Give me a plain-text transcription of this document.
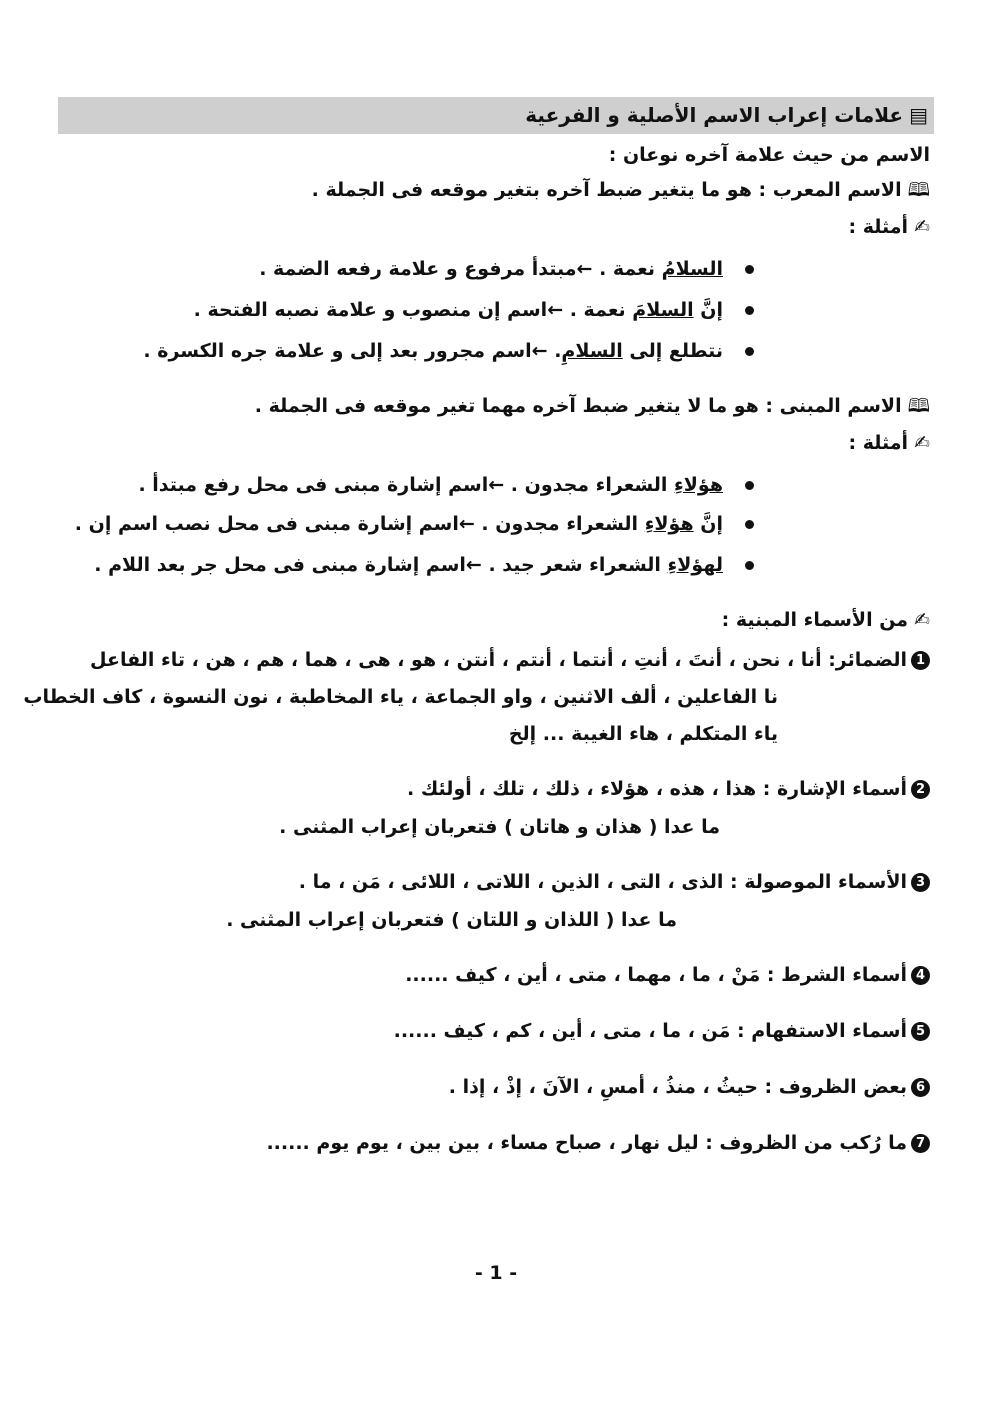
▤علامات إعراب الاسم الأصلية و الفرعية
الاسم من حيث علامة آخره نوعان :
🕮الاسم المعرب : هو ما يتغير ضبط آخره بتغير موقعه فى الجملة .
✍أمثلة :
السلامُ نعمة . ←مبتدأ مرفوع و علامة رفعه الضمة .
إنَّ السلامَ نعمة . ←اسم إن منصوب و علامة نصبه الفتحة .
نتطلع إلى السلامِ. ←اسم مجرور بعد إلى و علامة جره الكسرة .
🕮الاسم المبنى : هو ما لا يتغير ضبط آخره مهما تغير موقعه فى الجملة .
✍أمثلة :
هؤلاءِ الشعراء مجدون . ←اسم إشارة مبنى فى محل رفع مبتدأ .
إنَّ هؤلاءِ الشعراء مجدون . ←اسم إشارة مبنى فى محل نصب اسم إن .
لهؤلاءِ الشعراء شعر جيد . ←اسم إشارة مبنى فى محل جر بعد اللام .
✍من الأسماء المبنية :
1الضمائر: أنا ، نحن ، أنتَ ، أنتِ ، أنتما ، أنتم ، أنتن ، هو ، هى ، هما ، هم ، هن ، تاء الفاعل
نا الفاعلين ، ألف الاثنين ، واو الجماعة ، ياء المخاطبة ، نون النسوة ، كاف الخطاب
ياء المتكلم ، هاء الغيبة ... إلخ
2أسماء الإشارة : هذا ، هذه ، هؤلاء ، ذلك ، تلك ، أولئك .
ما عدا ( هذان و هاتان ) فتعربان إعراب المثنى .
3الأسماء الموصولة : الذى ، التى ، الذين ، اللاتى ، اللائى ، مَن ، ما .
ما عدا ( اللذان و اللتان ) فتعربان إعراب المثنى .
4أسماء الشرط : مَنْ ، ما ، مهما ، متى ، أين ، كيف ......
5أسماء الاستفهام : مَن ، ما ، متى ، أين ، كم ، كيف ......
6بعض الظروف : حيثُ ، منذُ ، أمسِ ، الآنَ ، إذْ ، إذا .
7ما رُكب من الظروف : ليل نهار ، صباح مساء ، بين بين ، يوم يوم ......
- 1 -
